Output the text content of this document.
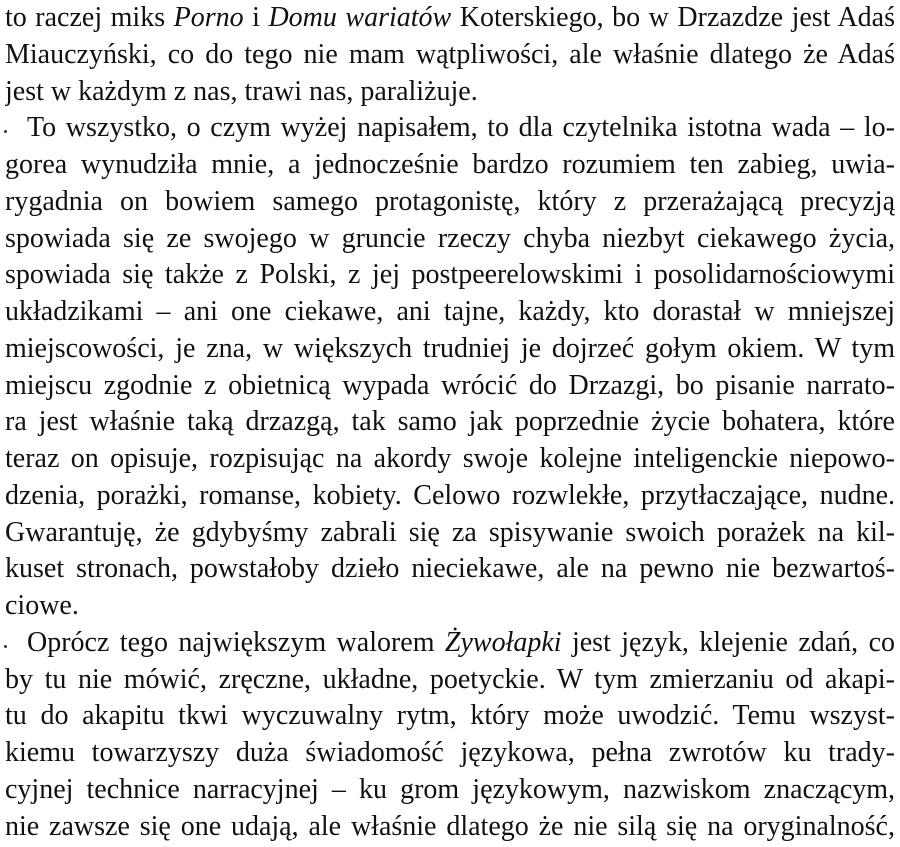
to raczej miks Porno i Domu wariatów Koterskiego, bo w Drzazdze jest Adaś
Miauczyński, co do tego nie mam wątpliwości, ale właśnie dlatego że Adaś
jest w każdym z nas, trawi nas, paraliżuje.
To wszystko, o czym wyżej napisałem, to dla czytelnika istotna wada – lo-
gorea wynudziła mnie, a jednocześnie bardzo rozumiem ten zabieg, uwia-
rygadnia on bowiem samego protagonistę, który z przerażającą precyzją
spowiada się ze swojego w gruncie rzeczy chyba niezbyt ciekawego życia,
spowiada się także z Polski, z jej postpeerelowskimi i posolidarnościowymi
układzikami – ani one ciekawe, ani tajne, każdy, kto dorastał w mniejszej
miejscowości, je zna, w większych trudniej je dojrzeć gołym okiem. W tym
miejscu zgodnie z obietnicą wypada wrócić do Drzazgi, bo pisanie narrato-
ra jest właśnie taką drzazgą, tak samo jak poprzednie życie bohatera, które
teraz on opisuje, rozpisując na akordy swoje kolejne inteligenckie niepowo-
dzenia, porażki, romanse, kobiety. Celowo rozwlekłe, przytłaczające, nudne.
Gwarantuję, że gdybyśmy zabrali się za spisywanie swoich porażek na kil-
kuset stronach, powstałoby dzieło nieciekawe, ale na pewno nie bezwartoś-
ciowe.
Oprócz tego największym walorem Żywołapki jest język, klejenie zdań, co
by tu nie mówić, zręczne, układne, poetyckie. W tym zmierzaniu od akapi-
tu do akapitu tkwi wyczuwalny rytm, który może uwodzić. Temu wszyst-
kiemu towarzyszy duża świadomość językowa, pełna zwrotów ku trady-
cyjnej technice narracyjnej – ku grom językowym, nazwiskom znaczącym,
nie zawsze się one udają, ale właśnie dlatego że nie silą się na oryginalność,
